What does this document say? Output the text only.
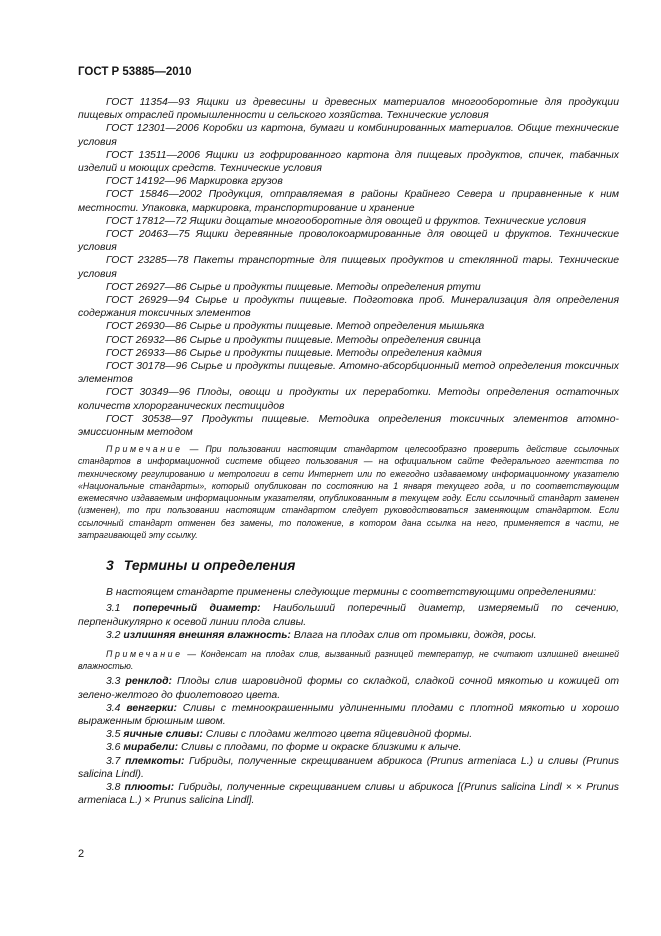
ГОСТ Р 53885—2010

ГОСТ 11354—93 Ящики из древесины и древесных материалов многооборотные для продукции пищевых отраслей промышленности и сельского хозяйства. Технические условия

ГОСТ 12301—2006 Коробки из картона, бумаги и комбинированных материалов. Общие технические условия

ГОСТ 13511—2006 Ящики из гофрированного картона для пищевых продуктов, спичек, табачных изделий и моющих средств. Технические условия

ГОСТ 14192—96 Маркировка грузов

ГОСТ 15846—2002 Продукция, отправляемая в районы Крайнего Севера и приравненные к ним местности. Упаковка, маркировка, транспортирование и хранение

ГОСТ 17812—72 Ящики дощатые многооборотные для овощей и фруктов. Технические условия

ГОСТ 20463—75 Ящики деревянные проволокоармированные для овощей и фруктов. Технические условия

ГОСТ 23285—78 Пакеты транспортные для пищевых продуктов и стеклянной тары. Технические условия

ГОСТ 26927—86 Сырье и продукты пищевые. Методы определения ртути

ГОСТ 26929—94 Сырье и продукты пищевые. Подготовка проб. Минерализация для определения содержания токсичных элементов

ГОСТ 26930—86 Сырье и продукты пищевые. Метод определения мышьяка

ГОСТ 26932—86 Сырье и продукты пищевые. Методы определения свинца

ГОСТ 26933—86 Сырье и продукты пищевые. Методы определения кадмия

ГОСТ 30178—96 Сырье и продукты пищевые. Атомно-абсорбционный метод определения токсичных элементов

ГОСТ 30349—96 Плоды, овощи и продукты их переработки. Методы определения остаточных количеств хлорорганических пестицидов

ГОСТ 30538—97 Продукты пищевые. Методика определения токсичных элементов атомно-эмиссионным методом

Примечание — При пользовании настоящим стандартом целесообразно проверить действие ссылочных стандартов в информационной системе общего пользования — на официальном сайте Федерального агентства по техническому регулированию и метрологии в сети Интернет или по ежегодно издаваемому информационному указателю «Национальные стандарты», который опубликован по состоянию на 1 января текущего года, и по соответствующим ежемесячно издаваемым информационным указателям, опубликованным в текущем году. Если ссылочный стандарт заменен (изменен), то при пользовании настоящим стандартом следует руководствоваться заменяющим стандартом. Если ссылочный стандарт отменен без замены, то положение, в котором дана ссылка на него, применяется в части, не затрагивающей эту ссылку.

3 Термины и определения

В настоящем стандарте применены следующие термины с соответствующими определениями:

3.1 поперечный диаметр: Наибольший поперечный диаметр, измеряемый по сечению, перпендикулярно к осевой линии плода сливы.

3.2 излишняя внешняя влажность: Влага на плодах слив от промывки, дождя, росы.

Примечание — Конденсат на плодах слив, вызванный разницей температур, не считают излишней внешней влажностью.

3.3 ренклод: Плоды слив шаровидной формы со складкой, сладкой сочной мякотью и кожицей от зелено-желтого до фиолетового цвета.

3.4 венгерки: Сливы с темноокрашенными удлиненными плодами с плотной мякотью и хорошо выраженным брюшным швом.

3.5 яичные сливы: Сливы с плодами желтого цвета яйцевидной формы.

3.6 мирабели: Сливы с плодами, по форме и окраске близкими к алыче.

3.7 племкоты: Гибриды, полученные скрещиванием абрикоса (Prunus armeniaca L.) и сливы (Prunus salicina Lindl).

3.8 плюоты: Гибриды, полученные скрещиванием сливы и абрикоса [(Prunus salicina Lindl × × Prunus armeniaca L.) × Prunus salicina Lindl].

2
